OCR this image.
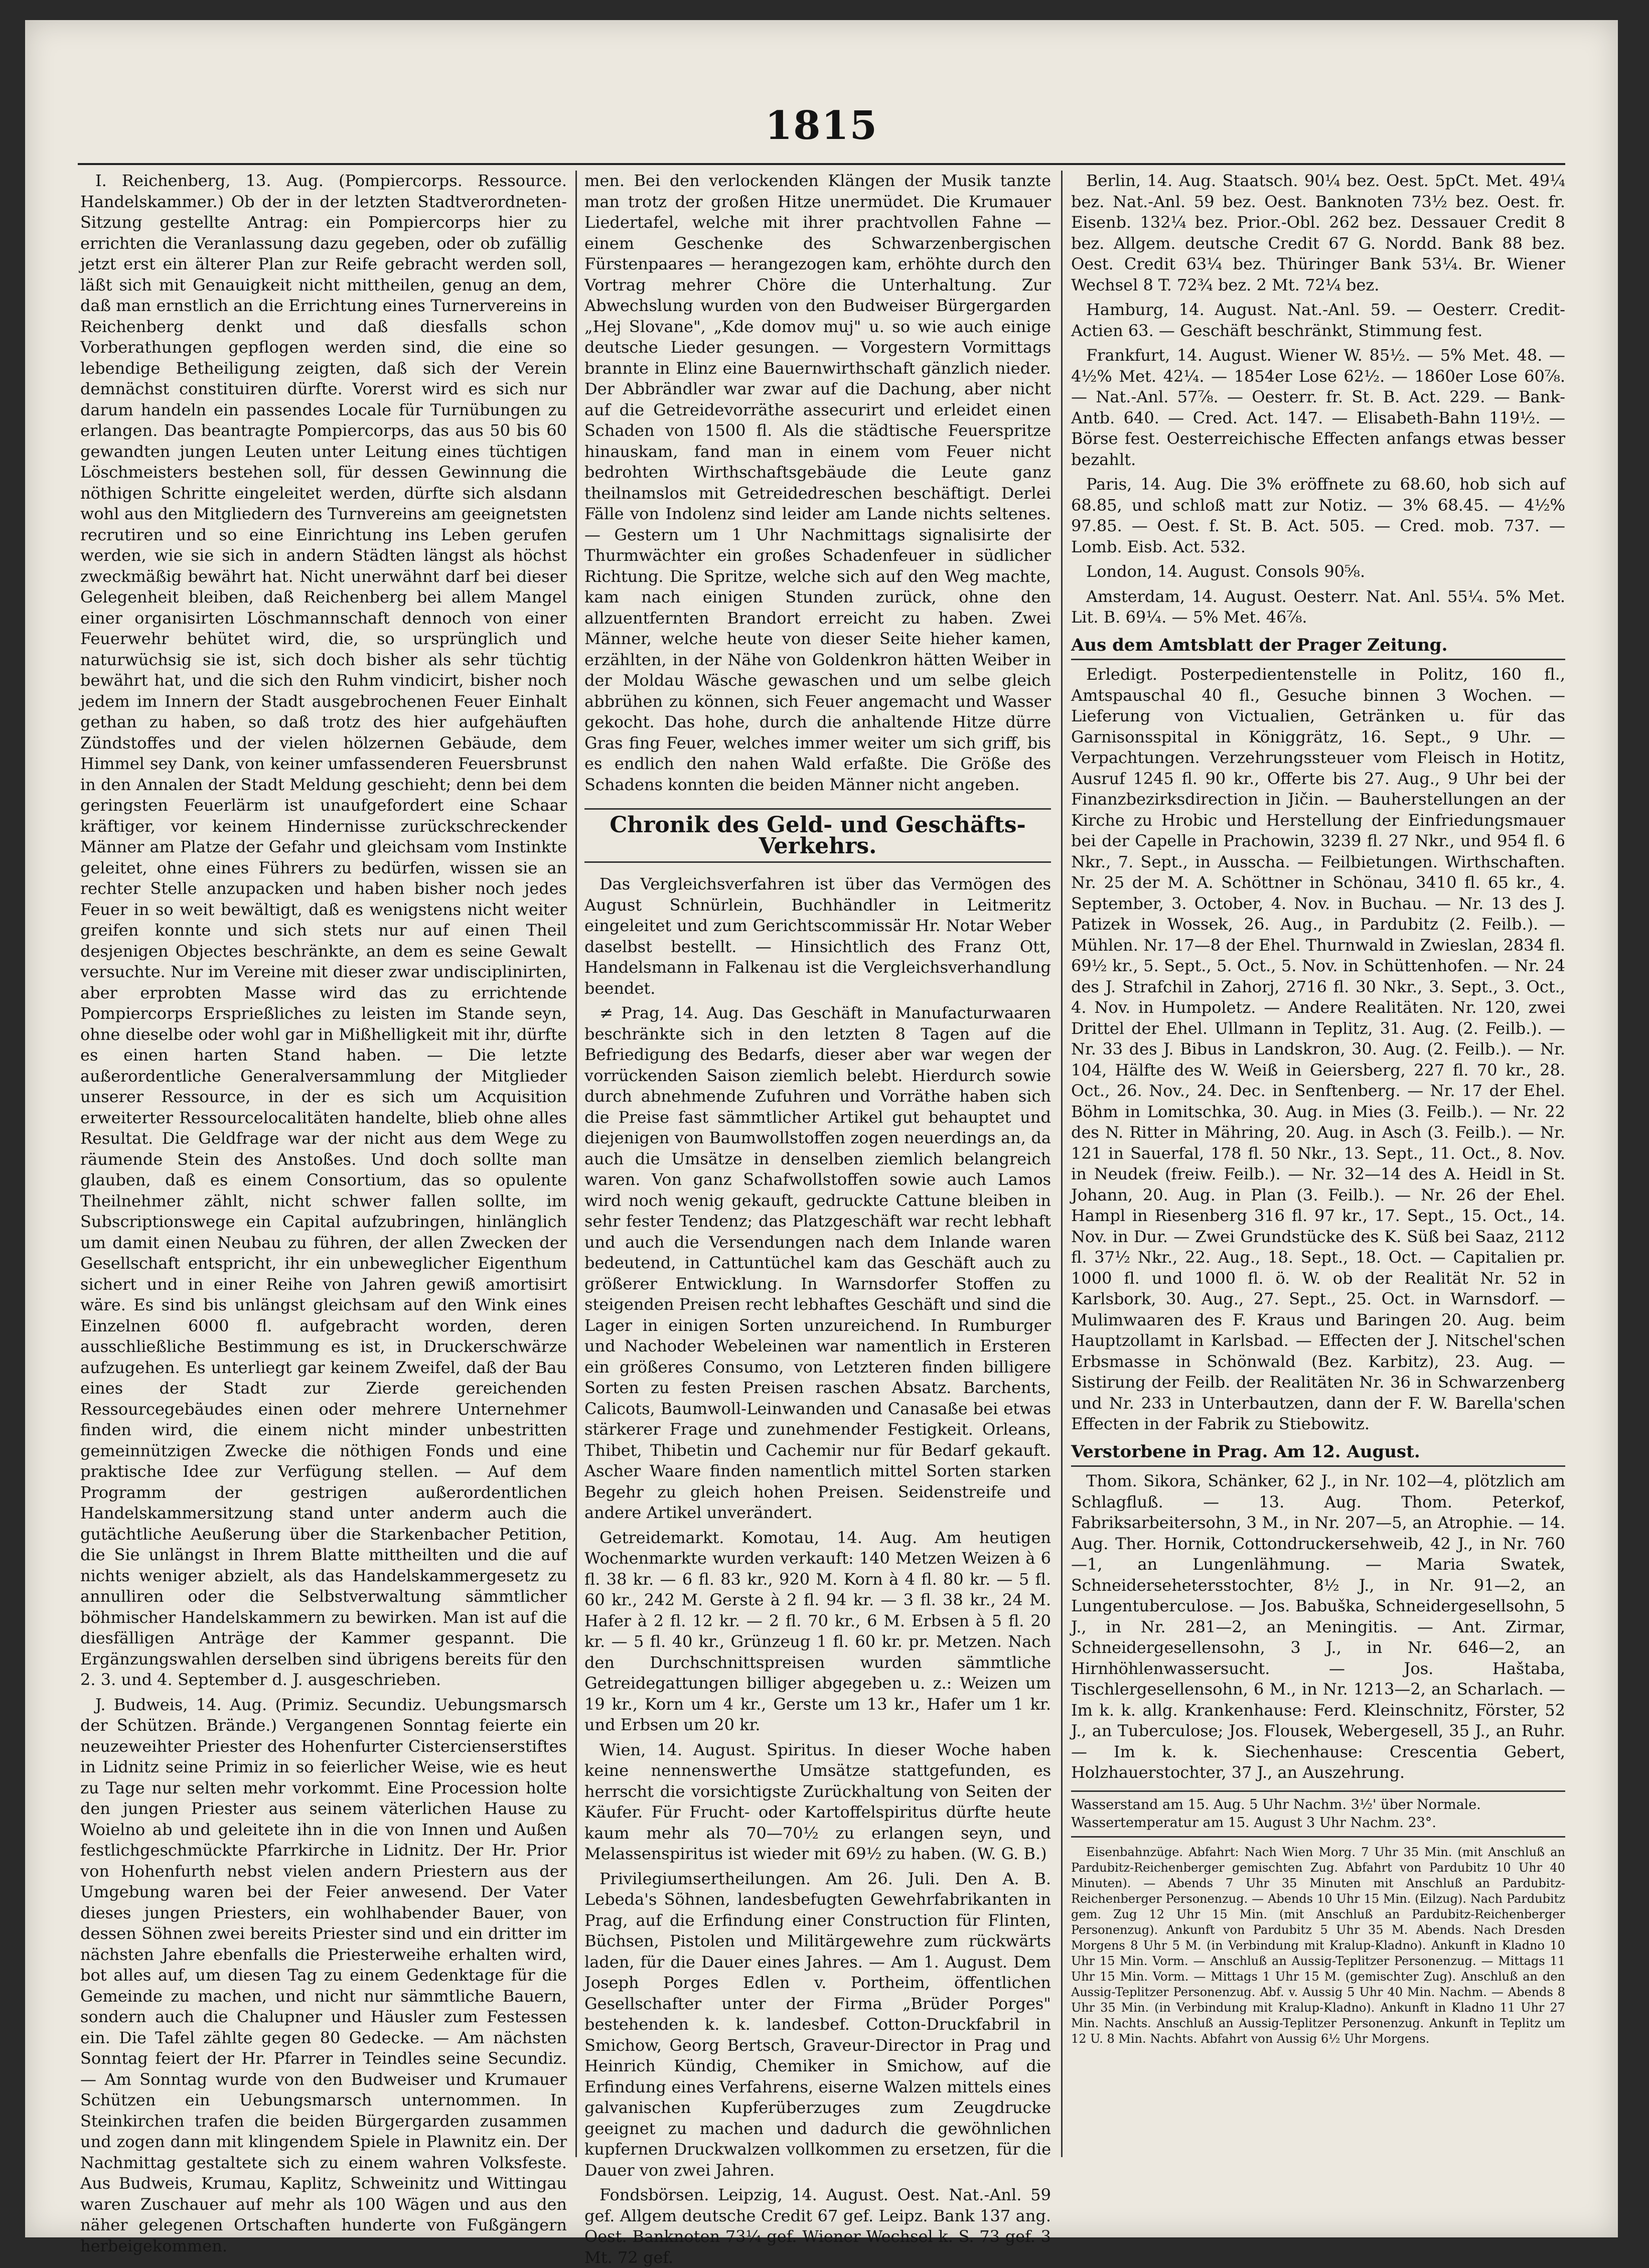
1815

I. Reichenberg, 13. Aug. (Pompiercorps. Ressource. Handelskammer.) Ob der in der letzten Stadtverordneten-Sitzung gestellte Antrag: ein Pompiercorps hier zu errichten die Veranlassung dazu gegeben, oder ob zufällig jetzt erst ein älterer Plan zur Reife gebracht werden soll, läßt sich mit Genauigkeit nicht mittheilen, genug an dem, daß man ernstlich an die Errichtung eines Turnervereins in Reichenberg denkt und daß diesfalls schon Vorberathungen gepflogen werden sind, die eine so lebendige Betheiligung zeigten, daß sich der Verein demnächst constituiren dürfte. Vorerst wird es sich nur darum handeln ein passendes Locale für Turnübungen zu erlangen. Das beantragte Pompiercorps, das aus 50 bis 60 gewandten jungen Leuten unter Leitung eines tüchtigen Löschmeisters bestehen soll, für dessen Gewinnung die nöthigen Schritte eingeleitet werden, dürfte sich alsdann wohl aus den Mitgliedern des Turnvereins am geeignetsten recrutiren und so eine Einrichtung ins Leben gerufen werden, wie sie sich in andern Städten längst als höchst zweckmäßig bewährt hat. Nicht unerwähnt darf bei dieser Gelegenheit bleiben, daß Reichenberg bei allem Mangel einer organisirten Löschmannschaft dennoch von einer Feuerwehr behütet wird, die, so ursprünglich und naturwüchsig sie ist, sich doch bisher als sehr tüchtig bewährt hat, und die sich den Ruhm vindicirt, bisher noch jedem im Innern der Stadt ausgebrochenen Feuer Einhalt gethan zu haben, so daß trotz des hier aufgehäuften Zündstoffes und der vielen hölzernen Gebäude, dem Himmel sey Dank, von keiner umfassenderen Feuersbrunst in den Annalen der Stadt Meldung geschieht; denn bei dem geringsten Feuerlärm ist unaufgefordert eine Schaar kräftiger, vor keinem Hindernisse zurückschreckender Männer am Platze der Gefahr und gleichsam vom Instinkte geleitet, ohne eines Führers zu bedürfen, wissen sie an rechter Stelle anzupacken und haben bisher noch jedes Feuer in so weit bewältigt, daß es wenigstens nicht weiter greifen konnte und sich stets nur auf einen Theil desjenigen Objectes beschränkte, an dem es seine Gewalt versuchte. Nur im Vereine mit dieser zwar undisciplinirten, aber erprobten Masse wird das zu errichtende Pompiercorps Ersprießliches zu leisten im Stande seyn, ohne dieselbe oder wohl gar in Mißhelligkeit mit ihr, dürfte es einen harten Stand haben. — Die letzte außerordentliche Generalversammlung der Mitglieder unserer Ressource, in der es sich um Acquisition erweiterter Ressourcelocalitäten handelte, blieb ohne alles Resultat. Die Geldfrage war der nicht aus dem Wege zu räumende Stein des Anstoßes. Und doch sollte man glauben, daß es einem Consortium, das so opulente Theilnehmer zählt, nicht schwer fallen sollte, im Subscriptionswege ein Capital aufzubringen, hinlänglich um damit einen Neubau zu führen, der allen Zwecken der Gesellschaft entspricht, ihr ein unbeweglicher Eigenthum sichert und in einer Reihe von Jahren gewiß amortisirt wäre. Es sind bis unlängst gleichsam auf den Wink eines Einzelnen 6000 fl. aufgebracht worden, deren ausschließliche Bestimmung es ist, in Druckerschwärze aufzugehen. Es unterliegt gar keinem Zweifel, daß der Bau eines der Stadt zur Zierde gereichenden Ressourcegebäudes einen oder mehrere Unternehmer finden wird, die einem nicht minder unbestritten gemeinnützigen Zwecke die nöthigen Fonds und eine praktische Idee zur Verfügung stellen. — Auf dem Programm der gestrigen außerordentlichen Handelskammersitzung stand unter anderm auch die gutächtliche Aeußerung über die Starkenbacher Petition, die Sie unlängst in Ihrem Blatte mittheilten und die auf nichts weniger abzielt, als das Handelskammergesetz zu annulliren oder die Selbstverwaltung sämmtlicher böhmischer Handelskammern zu bewirken. Man ist auf die diesfälligen Anträge der Kammer gespannt. Die Ergänzungswahlen derselben sind übrigens bereits für den 2. 3. und 4. September d. J. ausgeschrieben.

J. Budweis, 14. Aug. (Primiz. Secundiz. Uebungsmarsch der Schützen. Brände.) Vergangenen Sonntag feierte ein neuzeweihter Priester des Hohenfurter Cistercienserstiftes in Lidnitz seine Primiz in so feierlicher Weise, wie es heut zu Tage nur selten mehr vorkommt. Eine Procession holte den jungen Priester aus seinem väterlichen Hause zu Woielno ab und geleitete ihn in die von Innen und Außen festlichgeschmückte Pfarrkirche in Lidnitz. Der Hr. Prior von Hohenfurth nebst vielen andern Priestern aus der Umgebung waren bei der Feier anwesend. Der Vater dieses jungen Priesters, ein wohlhabender Bauer, von dessen Söhnen zwei bereits Priester sind und ein dritter im nächsten Jahre ebenfalls die Priesterweihe erhalten wird, bot alles auf, um diesen Tag zu einem Gedenktage für die Gemeinde zu machen, und nicht nur sämmtliche Bauern, sondern auch die Chalupner und Häusler zum Festessen ein. Die Tafel zählte gegen 80 Gedecke. — Am nächsten Sonntag feiert der Hr. Pfarrer in Teindles seine Secundiz. — Am Sonntag wurde von den Budweiser und Krumauer Schützen ein Uebungsmarsch unternommen. In Steinkirchen trafen die beiden Bürgergarden zusammen und zogen dann mit klingendem Spiele in Plawnitz ein. Der Nachmittag gestaltete sich zu einem wahren Volksfeste. Aus Budweis, Krumau, Kaplitz, Schweinitz und Wittingau waren Zuschauer auf mehr als 100 Wägen und aus den näher gelegenen Ortschaften hunderte von Fußgängern herbeigekommen.

men. Bei den verlockenden Klängen der Musik tanzte man trotz der großen Hitze unermüdet. Die Krumauer Liedertafel, welche mit ihrer prachtvollen Fahne — einem Geschenke des Schwarzenbergischen Fürstenpaares — herangezogen kam, erhöhte durch den Vortrag mehrer Chöre die Unterhaltung. Zur Abwechslung wurden von den Budweiser Bürgergarden „Hej Slovane", „Kde domov muj" u. so wie auch einige deutsche Lieder gesungen. — Vorgestern Vormittags brannte in Elinz eine Bauernwirthschaft gänzlich nieder. Der Abbrändler war zwar auf die Dachung, aber nicht auf die Getreidevorräthe assecurirt und erleidet einen Schaden von 1500 fl. Als die städtische Feuerspritze hinauskam, fand man in einem vom Feuer nicht bedrohten Wirthschaftsgebäude die Leute ganz theilnamslos mit Getreidedreschen beschäftigt. Derlei Fälle von Indolenz sind leider am Lande nichts seltenes. — Gestern um 1 Uhr Nachmittags signalisirte der Thurmwächter ein großes Schadenfeuer in südlicher Richtung. Die Spritze, welche sich auf den Weg machte, kam nach einigen Stunden zurück, ohne den allzuentfernten Brandort erreicht zu haben. Zwei Männer, welche heute von dieser Seite hieher kamen, erzählten, in der Nähe von Goldenkron hätten Weiber in der Moldau Wäsche gewaschen und um selbe gleich abbrühen zu können, sich Feuer angemacht und Wasser gekocht. Das hohe, durch die anhaltende Hitze dürre Gras fing Feuer, welches immer weiter um sich griff, bis es endlich den nahen Wald erfaßte. Die Größe des Schadens konnten die beiden Männer nicht angeben.

Chronik des Geld- und Geschäfts-Verkehrs.

Das Vergleichsverfahren ist über das Vermögen des August Schnürlein, Buchhändler in Leitmeritz eingeleitet und zum Gerichtscommissär Hr. Notar Weber daselbst bestellt. — Hinsichtlich des Franz Ott, Handelsmann in Falkenau ist die Vergleichsverhandlung beendet.

≠ Prag, 14. Aug. Das Geschäft in Manufacturwaaren beschränkte sich in den letzten 8 Tagen auf die Befriedigung des Bedarfs, dieser aber war wegen der vorrückenden Saison ziemlich belebt. Hierdurch sowie durch abnehmende Zufuhren und Vorräthe haben sich die Preise fast sämmtlicher Artikel gut behauptet und diejenigen von Baumwollstoffen zogen neuerdings an, da auch die Umsätze in denselben ziemlich belangreich waren. Von ganz Schafwollstoffen sowie auch Lamos wird noch wenig gekauft, gedruckte Cattune bleiben in sehr fester Tendenz; das Platzgeschäft war recht lebhaft und auch die Versendungen nach dem Inlande waren bedeutend, in Cattuntüchel kam das Geschäft auch zu größerer Entwicklung. In Warnsdorfer Stoffen zu steigenden Preisen recht lebhaftes Geschäft und sind die Lager in einigen Sorten unzureichend. In Rumburger und Nachoder Webeleinen war namentlich in Ersteren ein größeres Consumo, von Letzteren finden billigere Sorten zu festen Preisen raschen Absatz. Barchents, Calicots, Baumwoll-Leinwanden und Canasaße bei etwas stärkerer Frage und zunehmender Festigkeit. Orleans, Thibet, Thibetin und Cachemir nur für Bedarf gekauft. Ascher Waare finden namentlich mittel Sorten starken Begehr zu gleich hohen Preisen. Seidenstreife und andere Artikel unverändert.

Getreidemarkt. Komotau, 14. Aug. Am heutigen Wochenmarkte wurden verkauft: 140 Metzen Weizen à 6 fl. 38 kr. — 6 fl. 83 kr., 920 M. Korn à 4 fl. 80 kr. — 5 fl. 60 kr., 242 M. Gerste à 2 fl. 94 kr. — 3 fl. 38 kr., 24 M. Hafer à 2 fl. 12 kr. — 2 fl. 70 kr., 6 M. Erbsen à 5 fl. 20 kr. — 5 fl. 40 kr., Grünzeug 1 fl. 60 kr. pr. Metzen. Nach den Durchschnittspreisen wurden sämmtliche Getreidegattungen billiger abgegeben u. z.: Weizen um 19 kr., Korn um 4 kr., Gerste um 13 kr., Hafer um 1 kr. und Erbsen um 20 kr.

Wien, 14. August. Spiritus. In dieser Woche haben keine nennenswerthe Umsätze stattgefunden, es herrscht die vorsichtigste Zurückhaltung von Seiten der Käufer. Für Frucht- oder Kartoffelspiritus dürfte heute kaum mehr als 70—70½ zu erlangen seyn, und Melassenspiritus ist wieder mit 69½ zu haben. (W. G. B.)

Privilegiumsertheilungen. Am 26. Juli. Den A. B. Lebeda's Söhnen, landesbefugten Gewehrfabrikanten in Prag, auf die Erfindung einer Construction für Flinten, Büchsen, Pistolen und Militärgewehre zum rückwärts laden, für die Dauer eines Jahres. — Am 1. August. Dem Joseph Porges Edlen v. Portheim, öffentlichen Gesellschafter unter der Firma „Brüder Porges" bestehenden k. k. landesbef. Cotton-Druckfabril in Smichow, Georg Bertsch, Graveur-Director in Prag und Heinrich Kündig, Chemiker in Smichow, auf die Erfindung eines Verfahrens, eiserne Walzen mittels eines galvanischen Kupferüberzuges zum Zeugdrucke geeignet zu machen und dadurch die gewöhnlichen kupfernen Druckwalzen vollkommen zu ersetzen, für die Dauer von zwei Jahren.

Fondsbörsen. Leipzig, 14. August. Oest. Nat.-Anl. 59 gef. Allgem deutsche Credit 67 gef. Leipz. Bank 137 ang. Oest. Banknoten 73¼ gef. Wiener Wechsel k. S. 73 gef. 3 Mt. 72 gef.

Berlin, 14. Aug. Staatsch. 90¼ bez. Oest. 5pCt. Met. 49¼ bez. Nat.-Anl. 59 bez. Oest. Banknoten 73½ bez. Oest. fr. Eisenb. 132¼ bez. Prior.-Obl. 262 bez. Dessauer Credit 8 bez. Allgem. deutsche Credit 67 G. Nordd. Bank 88 bez. Oest. Credit 63¼ bez. Thüringer Bank 53¼. Br. Wiener Wechsel 8 T. 72¾ bez. 2 Mt. 72¼ bez.

Hamburg, 14. August. Nat.-Anl. 59. — Oesterr. Credit-Actien 63. — Geschäft beschränkt, Stimmung fest.

Frankfurt, 14. August. Wiener W. 85½. — 5% Met. 48. — 4½% Met. 42¼. — 1854er Lose 62½. — 1860er Lose 60⅞. — Nat.-Anl. 57⅞. — Oesterr. fr. St. B. Act. 229. — Bank-Antb. 640. — Cred. Act. 147. — Elisabeth-Bahn 119½. — Börse fest. Oesterreichische Effecten anfangs etwas besser bezahlt.

Paris, 14. Aug. Die 3% eröffnete zu 68.60, hob sich auf 68.85, und schloß matt zur Notiz. — 3% 68.45. — 4½% 97.85. — Oest. f. St. B. Act. 505. — Cred. mob. 737. — Lomb. Eisb. Act. 532.

London, 14. August. Consols 90⅝.

Amsterdam, 14. August. Oesterr. Nat. Anl. 55¼. 5% Met. Lit. B. 69¼. — 5% Met. 46⅞.

Aus dem Amtsblatt der Prager Zeitung.

Erledigt. Posterpedientenstelle in Politz, 160 fl., Amtspauschal 40 fl., Gesuche binnen 3 Wochen. — Lieferung von Victualien, Getränken u. für das Garnisonsspital in Königgrätz, 16. Sept., 9 Uhr. — Verpachtungen. Verzehrungssteuer vom Fleisch in Hotitz, Ausruf 1245 fl. 90 kr., Offerte bis 27. Aug., 9 Uhr bei der Finanzbezirksdirection in Jičin. — Bauherstellungen an der Kirche zu Hrobic und Herstellung der Einfriedungsmauer bei der Capelle in Prachowin, 3239 fl. 27 Nkr., und 954 fl. 6 Nkr., 7. Sept., in Ausscha. — Feilbietungen. Wirthschaften. Nr. 25 der M. A. Schöttner in Schönau, 3410 fl. 65 kr., 4. September, 3. October, 4. Nov. in Buchau. — Nr. 13 des J. Patizek in Wossek, 26. Aug., in Pardubitz (2. Feilb.). — Mühlen. Nr. 17—8 der Ehel. Thurnwald in Zwieslan, 2834 fl. 69½ kr., 5. Sept., 5. Oct., 5. Nov. in Schüttenhofen. — Nr. 24 des J. Strafchil in Zahorj, 2716 fl. 30 Nkr., 3. Sept., 3. Oct., 4. Nov. in Humpoletz. — Andere Realitäten. Nr. 120, zwei Drittel der Ehel. Ullmann in Teplitz, 31. Aug. (2. Feilb.). — Nr. 33 des J. Bibus in Landskron, 30. Aug. (2. Feilb.). — Nr. 104, Hälfte des W. Weiß in Geiersberg, 227 fl. 70 kr., 28. Oct., 26. Nov., 24. Dec. in Senftenberg. — Nr. 17 der Ehel. Böhm in Lomitschka, 30. Aug. in Mies (3. Feilb.). — Nr. 22 des N. Ritter in Mähring, 20. Aug. in Asch (3. Feilb.). — Nr. 121 in Sauerfal, 178 fl. 50 Nkr., 13. Sept., 11. Oct., 8. Nov. in Neudek (freiw. Feilb.). — Nr. 32—14 des A. Heidl in St. Johann, 20. Aug. in Plan (3. Feilb.). — Nr. 26 der Ehel. Hampl in Riesenberg 316 fl. 97 kr., 17. Sept., 15. Oct., 14. Nov. in Dur. — Zwei Grundstücke des K. Süß bei Saaz, 2112 fl. 37½ Nkr., 22. Aug., 18. Sept., 18. Oct. — Capitalien pr. 1000 fl. und 1000 fl. ö. W. ob der Realität Nr. 52 in Karlsbork, 30. Aug., 27. Sept., 25. Oct. in Warnsdorf. — Mulimwaaren des F. Kraus und Baringen 20. Aug. beim Hauptzollamt in Karlsbad. — Effecten der J. Nitschel'schen Erbsmasse in Schönwald (Bez. Karbitz), 23. Aug. — Sistirung der Feilb. der Realitäten Nr. 36 in Schwarzenberg und Nr. 233 in Unterbautzen, dann der F. W. Barella'schen Effecten in der Fabrik zu Stiebowitz.

Verstorbene in Prag. Am 12. August.

Thom. Sikora, Schänker, 62 J., in Nr. 102—4, plötzlich am Schlagfluß. — 13. Aug. Thom. Peterkof, Fabriksarbeitersohn, 3 M., in Nr. 207—5, an Atrophie. — 14. Aug. Ther. Hornik, Cottondruckersehweib, 42 J., in Nr. 760—1, an Lungenlähmung. — Maria Swatek, Schneidersehetersstochter, 8½ J., in Nr. 91—2, an Lungentuberculose. — Jos. Babuška, Schneidergesellsohn, 5 J., in Nr. 281—2, an Meningitis. — Ant. Zirmar, Schneidergesellensohn, 3 J., in Nr. 646—2, an Hirnhöhlenwassersucht. — Jos. Haštaba, Tischlergesellensohn, 6 M., in Nr. 1213—2, an Scharlach. — Im k. k. allg. Krankenhause: Ferd. Kleinschnitz, Förster, 52 J., an Tuberculose; Jos. Flousek, Webergesell, 35 J., an Ruhr. — Im k. k. Siechenhause: Crescentia Gebert, Holzhauerstochter, 37 J., an Auszehrung.

Wasserstand am 15. Aug. 5 Uhr Nachm. 3½' über Normale.
Wassertemperatur am 15. August 3 Uhr Nachm. 23°.

Eisenbahnzüge. Abfahrt: Nach Wien Morg. 7 Uhr 35 Min. (mit Anschluß an Pardubitz-Reichenberger gemischten Zug. Abfahrt von Pardubitz 10 Uhr 40 Minuten). — Abends 7 Uhr 35 Minuten mit Anschluß an Pardubitz-Reichenberger Personenzug. — Abends 10 Uhr 15 Min. (Eilzug). Nach Pardubitz gem. Zug 12 Uhr 15 Min. (mit Anschluß an Pardubitz-Reichenberger Personenzug). Ankunft von Pardubitz 5 Uhr 35 M. Abends. Nach Dresden Morgens 8 Uhr 5 M. (in Verbindung mit Kralup-Kladno). Ankunft in Kladno 10 Uhr 15 Min. Vorm. — Anschluß an Aussig-Teplitzer Personenzug. — Mittags 11 Uhr 15 Min. Vorm. — Mittags 1 Uhr 15 M. (gemischter Zug). Anschluß an den Aussig-Teplitzer Personenzug. Abf. v. Aussig 5 Uhr 40 Min. Nachm. — Abends 8 Uhr 35 Min. (in Verbindung mit Kralup-Kladno). Ankunft in Kladno 11 Uhr 27 Min. Nachts. Anschluß an Aussig-Teplitzer Personenzug. Ankunft in Teplitz um 12 U. 8 Min. Nachts. Abfahrt von Aussig 6½ Uhr Morgens.
